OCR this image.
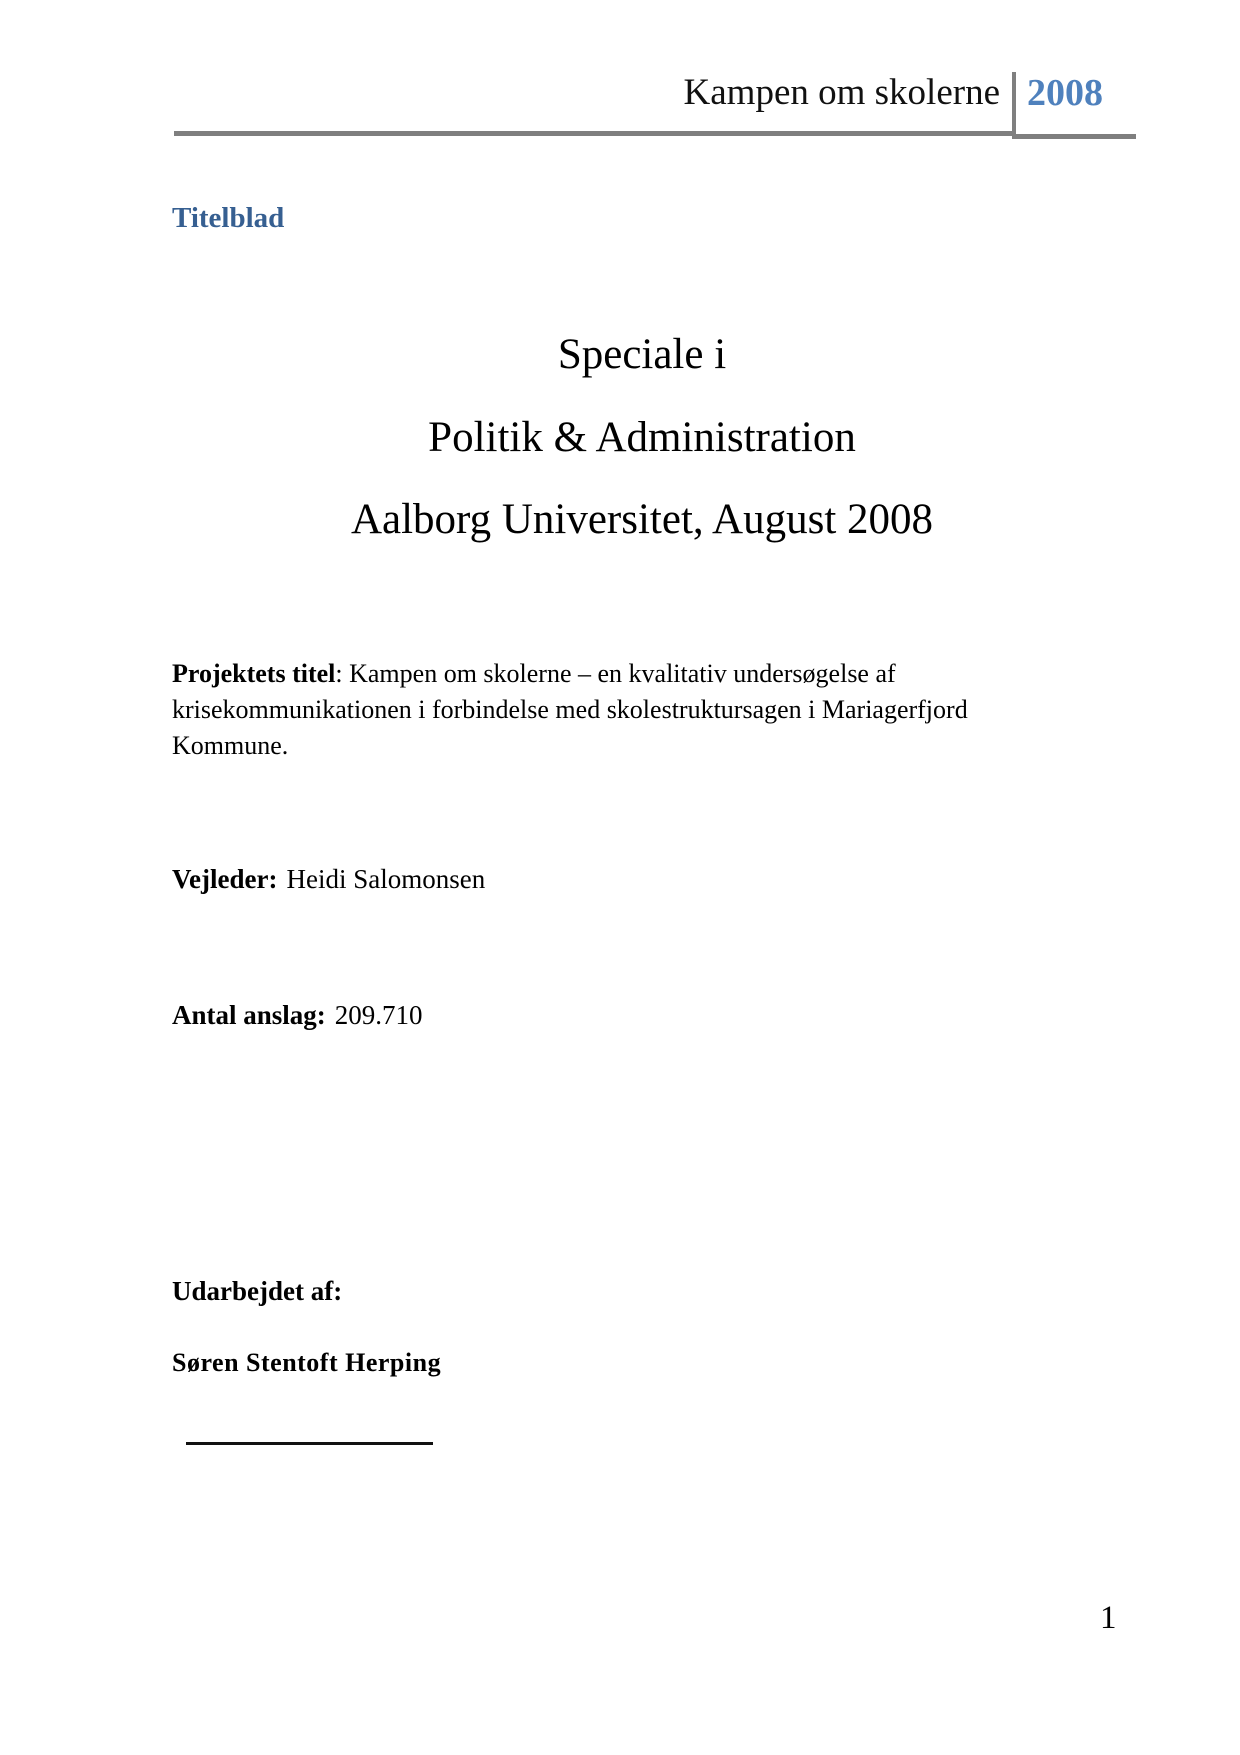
Kampen om skolerne 2008
Titelblad
Speciale i
Politik & Administration
Aalborg Universitet, August 2008
Projektets titel: Kampen om skolerne – en kvalitativ undersøgelse af
krisekommunikationen i forbindelse med skolestruktursagen i Mariagerfjord
Kommune.
Vejleder: Heidi Salomonsen
Antal anslag: 209.710
Udarbejdet af:
Søren Stentoft Herping
1
